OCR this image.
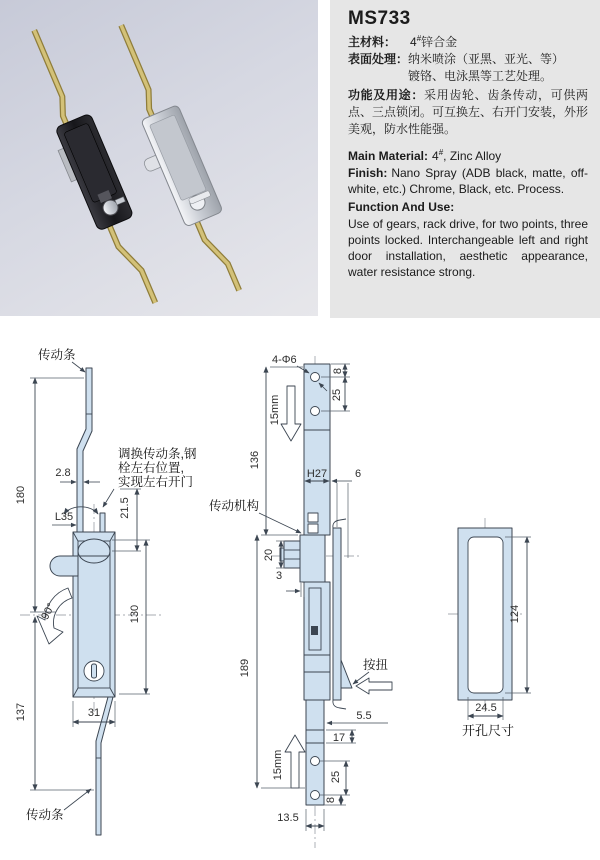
MS733
主材料： 4#锌合金
表面处理： 纳米喷涂（亚黑、亚光、等）
镀铬、电泳黑等工艺处理。

功能及用途：采用齿轮、齿条传动，可供两点、三点锁闭。可互换左、右开门安装，外形美观，防水性能强。

Main Material: 4#, Zinc Alloy

Finish: Nano Spray (ADB black, matte, off-white, etc.) Chrome, Black, etc. Process.

Function And Use:

Use of gears, rack drive, for two points, three points locked. Interchangeable left and right door installation, aesthetic appearance, water resistance strong.

90°
180
137
2.8
L35	21.5
130
31
传动条
调换传动条,钢
栓左右位置,
实现左右开门
传动条
15mm
15mm
4-Φ6
8
25
136
H27	6
传动机构
20
3
189	按扭
5.5
17
25
8
13.5
124
24.5
开孔尺寸
